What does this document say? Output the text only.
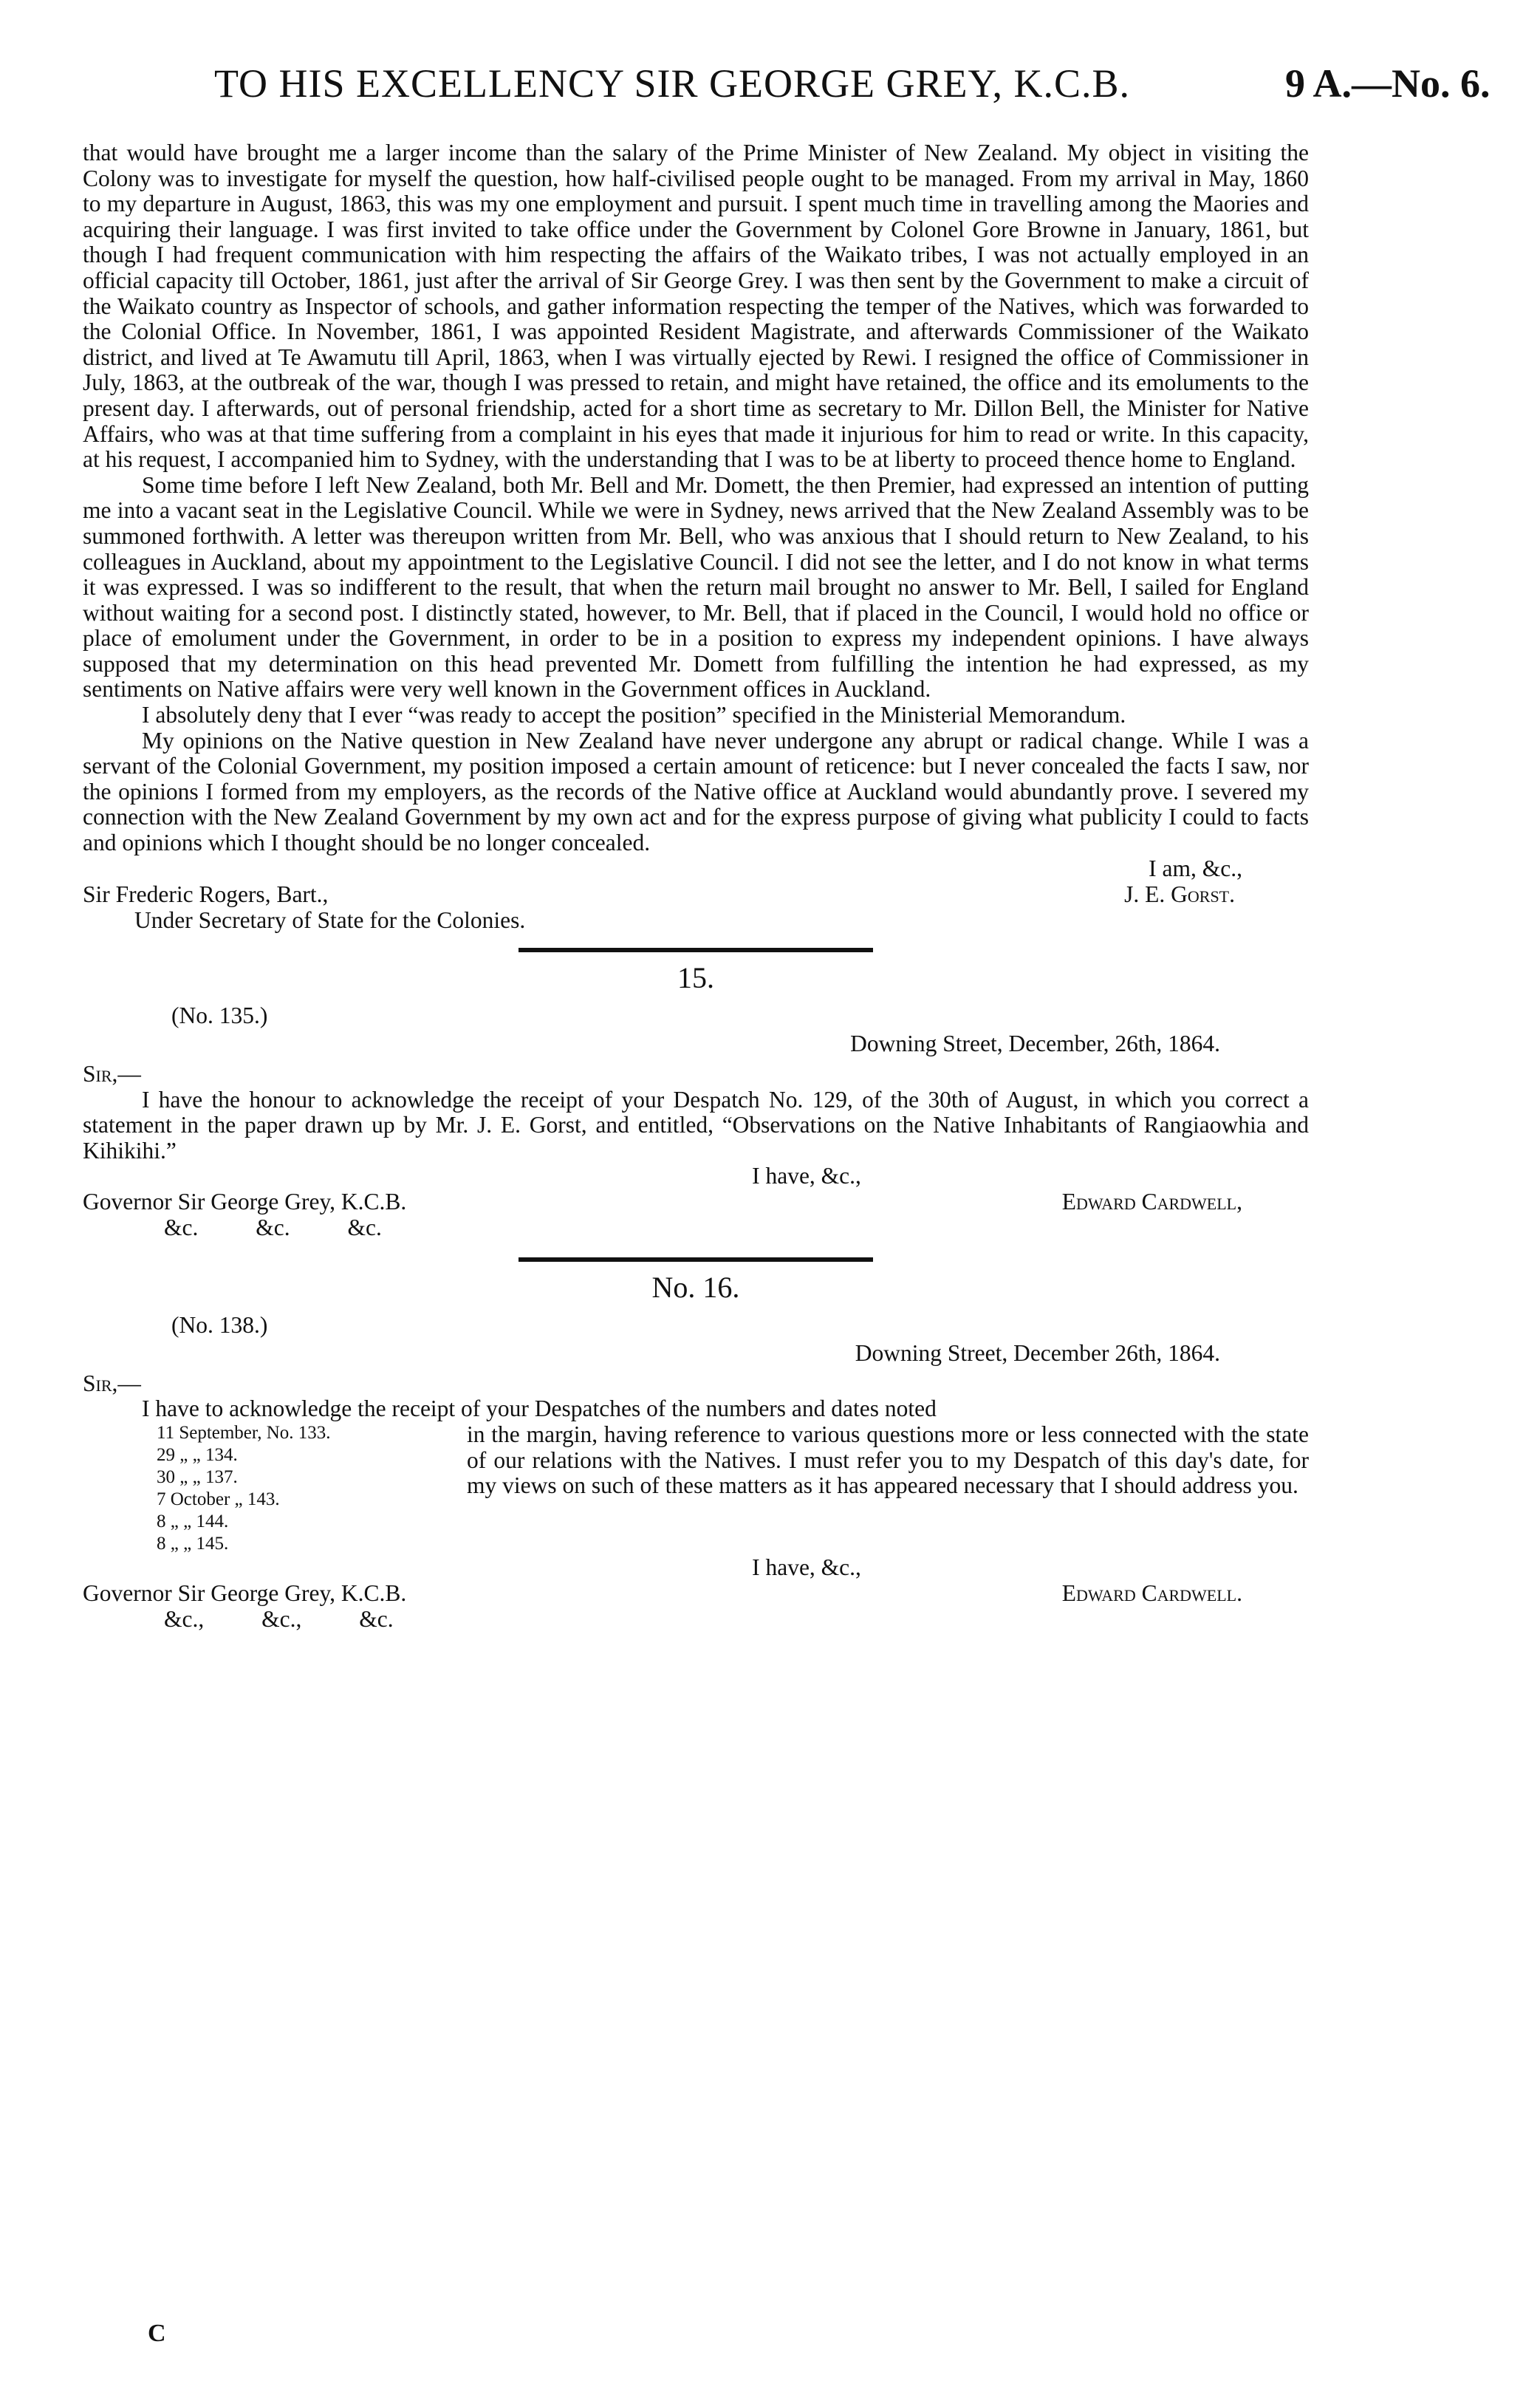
TO HIS EXCELLENCY SIR GEORGE GREY, K.C.B.	9 A.—No. 6.

that would have brought me a larger income than the salary of the Prime Minister of New Zealand. My object in visiting the Colony was to investigate for myself the question, how half-civilised people ought to be managed. From my arrival in May, 1860 to my departure in August, 1863, this was my one employment and pursuit. I spent much time in travelling among the Maories and acquiring their language. I was first invited to take office under the Government by Colonel Gore Browne in January, 1861, but though I had frequent communication with him respecting the affairs of the Waikato tribes, I was not actually employed in an official capacity till October, 1861, just after the arrival of Sir George Grey. I was then sent by the Government to make a circuit of the Waikato country as Inspector of schools, and gather information respecting the temper of the Natives, which was forwarded to the Colonial Office. In November, 1861, I was appointed Resident Magistrate, and afterwards Commissioner of the Waikato district, and lived at Te Awamutu till April, 1863, when I was virtually ejected by Rewi. I resigned the office of Commissioner in July, 1863, at the outbreak of the war, though I was pressed to retain, and might have retained, the office and its emoluments to the present day. I afterwards, out of personal friendship, acted for a short time as secretary to Mr. Dillon Bell, the Minister for Native Affairs, who was at that time suffering from a complaint in his eyes that made it injurious for him to read or write. In this capacity, at his request, I accompanied him to Sydney, with the understanding that I was to be at liberty to proceed thence home to England.

Some time before I left New Zealand, both Mr. Bell and Mr. Domett, the then Premier, had expressed an intention of putting me into a vacant seat in the Legislative Council. While we were in Sydney, news arrived that the New Zealand Assembly was to be summoned forthwith. A letter was thereupon written from Mr. Bell, who was anxious that I should return to New Zealand, to his colleagues in Auckland, about my appointment to the Legislative Council. I did not see the letter, and I do not know in what terms it was expressed. I was so indifferent to the result, that when the return mail brought no answer to Mr. Bell, I sailed for England without waiting for a second post. I distinctly stated, however, to Mr. Bell, that if placed in the Council, I would hold no office or place of emolument under the Government, in order to be in a position to express my independent opinions. I have always supposed that my determination on this head prevented Mr. Domett from fulfilling the intention he had expressed, as my sentiments on Native affairs were very well known in the Government offices in Auckland.

I absolutely deny that I ever “was ready to accept the position” specified in the Ministerial Memorandum.

My opinions on the Native question in New Zealand have never undergone any abrupt or radical change. While I was a servant of the Colonial Government, my position imposed a certain amount of reticence: but I never concealed the facts I saw, nor the opinions I formed from my employers, as the records of the Native office at Auckland would abundantly prove. I severed my connection with the New Zealand Government by my own act and for the express purpose of giving what publicity I could to facts and opinions which I thought should be no longer concealed.

I am, &c.,
Sir Frederic Rogers, Bart.,	J. E. Gorst.
Under Secretary of State for the Colonies.
15.
(No. 135.)
Downing Street, December, 26th, 1864.
Sir,—

I have the honour to acknowledge the receipt of your Despatch No. 129, of the 30th of August, in which you correct a statement in the paper drawn up by Mr. J. E. Gorst, and entitled, “Observations on the Native Inhabitants of Rangiaowhia and Kihikihi.”

I have, &c.,
Governor Sir George Grey, K.C.B.
&c. &c. &c.
Edward Cardwell,
No. 16.
(No. 138.)
Downing Street, December 26th, 1864.
Sir,—

I have to acknowledge the receipt of your Despatches of the numbers and dates noted

11 September, No. 133.
29 „ „ 134.
30 „ „ 137.
7 October „ 143.
8 „ „ 144.
8 „ „ 145.

in the margin, having reference to various questions more or less connected with the state of our relations with the Natives. I must refer you to my Despatch of this day's date, for my views on such of these matters as it has appeared necessary that I should address you.

I have, &c.,
Governor Sir George Grey, K.C.B.
&c., &c., &c.
Edward Cardwell.
C
